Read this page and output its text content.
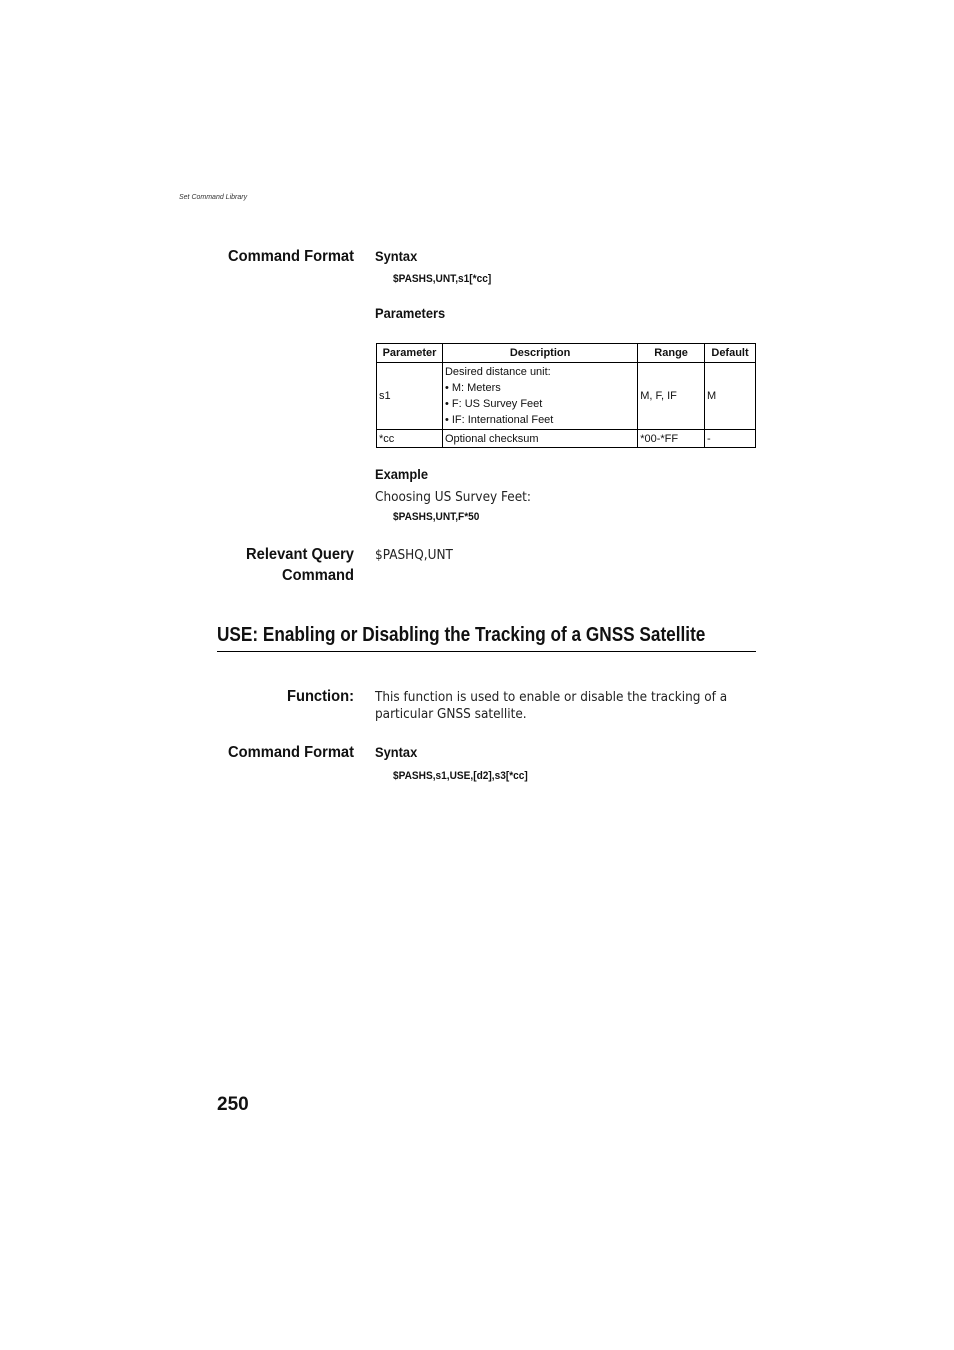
Set Command Library
Command Format Syntax
$PASHS,UNT,s1[*cc]
Parameters
Parameter	Description	Range	Default
s1	Desired distance unit:
• M: Meters
• F: US Survey Feet
• IF: International Feet	M, F, IF	M
*cc	Optional checksum	*00-*FF	-
Example
Choosing US Survey Feet:
$PASHS,UNT,F*50
Relevant Query
Command
$PASHQ,UNT
USE: Enabling or Disabling the Tracking of a GNSS Satellite
Function: This function is used to enable or disable the tracking of a
particular GNSS satellite.
Command Format Syntax
$PASHS,s1,USE,[d2],s3[*cc]
250
